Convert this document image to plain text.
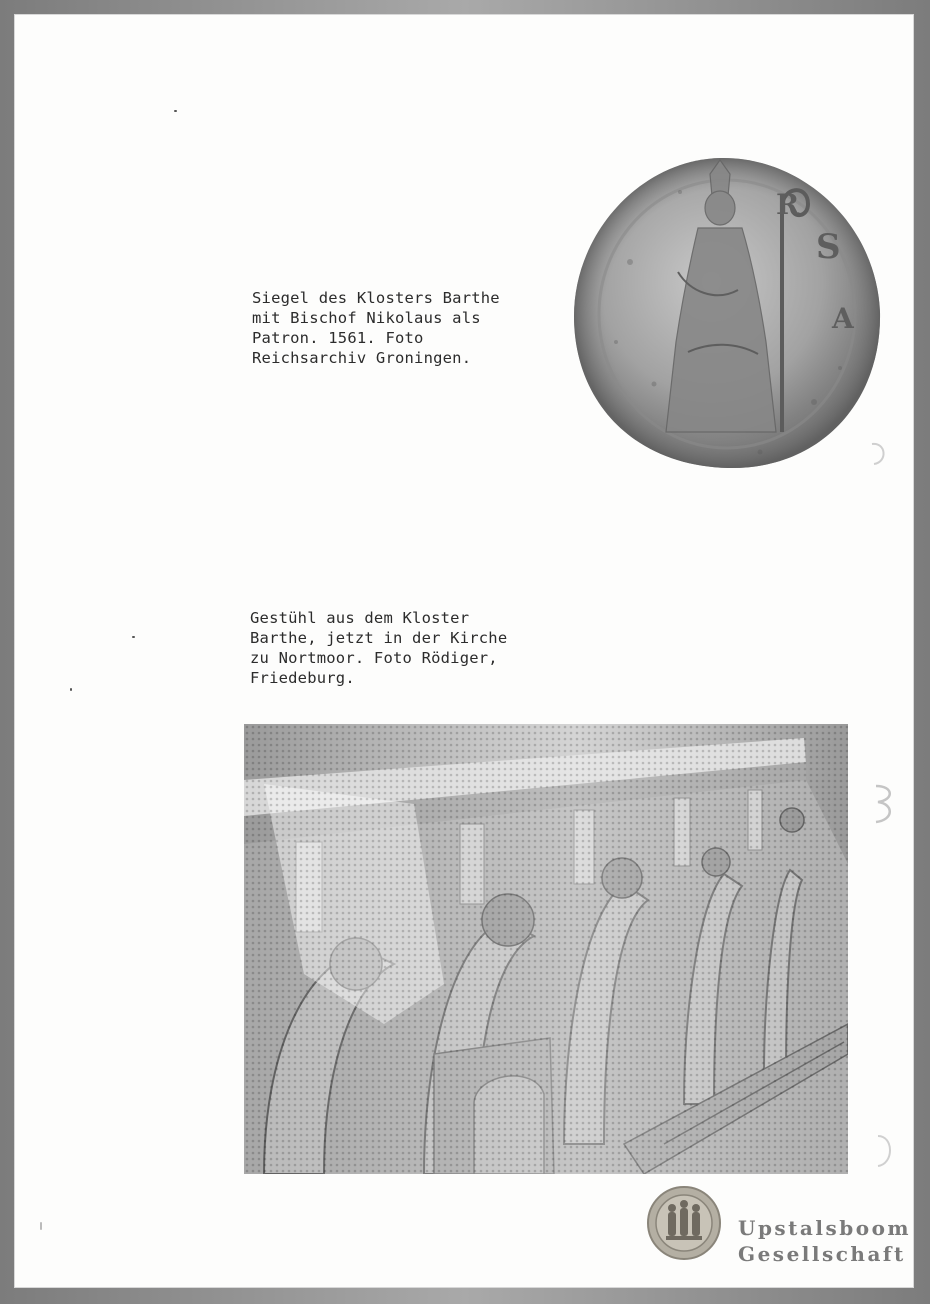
Siegel des Klosters Barthe
mit Bischof Nikolaus als
Patron. 1561. Foto
Reichsarchiv Groningen.
S
A
R
Gestühl aus dem Kloster
Barthe, jetzt in der Kirche
zu Nortmoor. Foto Rödiger,
Friedeburg.
Upstalsboom
Gesellschaft
